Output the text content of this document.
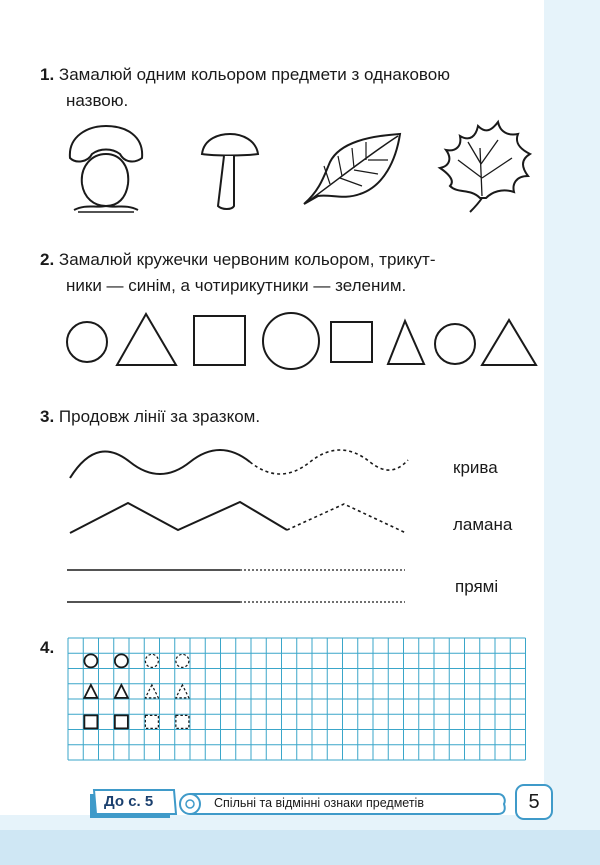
1. Замалюй одним кольором предмети з однаковою
назвою.
2. Замалюй кружечки червоним кольором, трикут-
ники — синім, а чотирикутники — зеленим.
3. Продовж лінії за зразком.
крива
ламана
прямі
4.
До с. 5	Спільні та відмінні ознаки предметів	5
